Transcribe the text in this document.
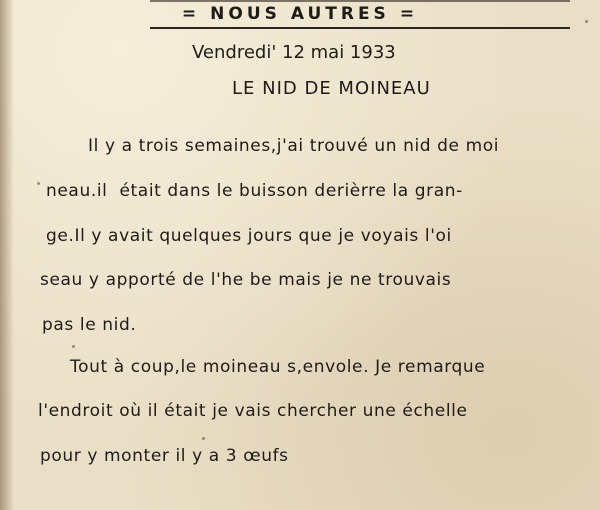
= NOUS AUTRES =
Vendredi' 12 mai 1933
LE NID DE MOINEAU
Il y a trois semaines,j'ai trouvé un nid de moi
neau.il  était dans le buisson derièrre la gran-
ge.Il y avait quelques jours que je voyais l'oi
seau y apporté de l'he be mais je ne trouvais
pas le nid.
Tout à coup,le moineau s,envole. Je remarque
l'endroit où il était je vais chercher une échelle
pour y monter il y a 3 œufs
